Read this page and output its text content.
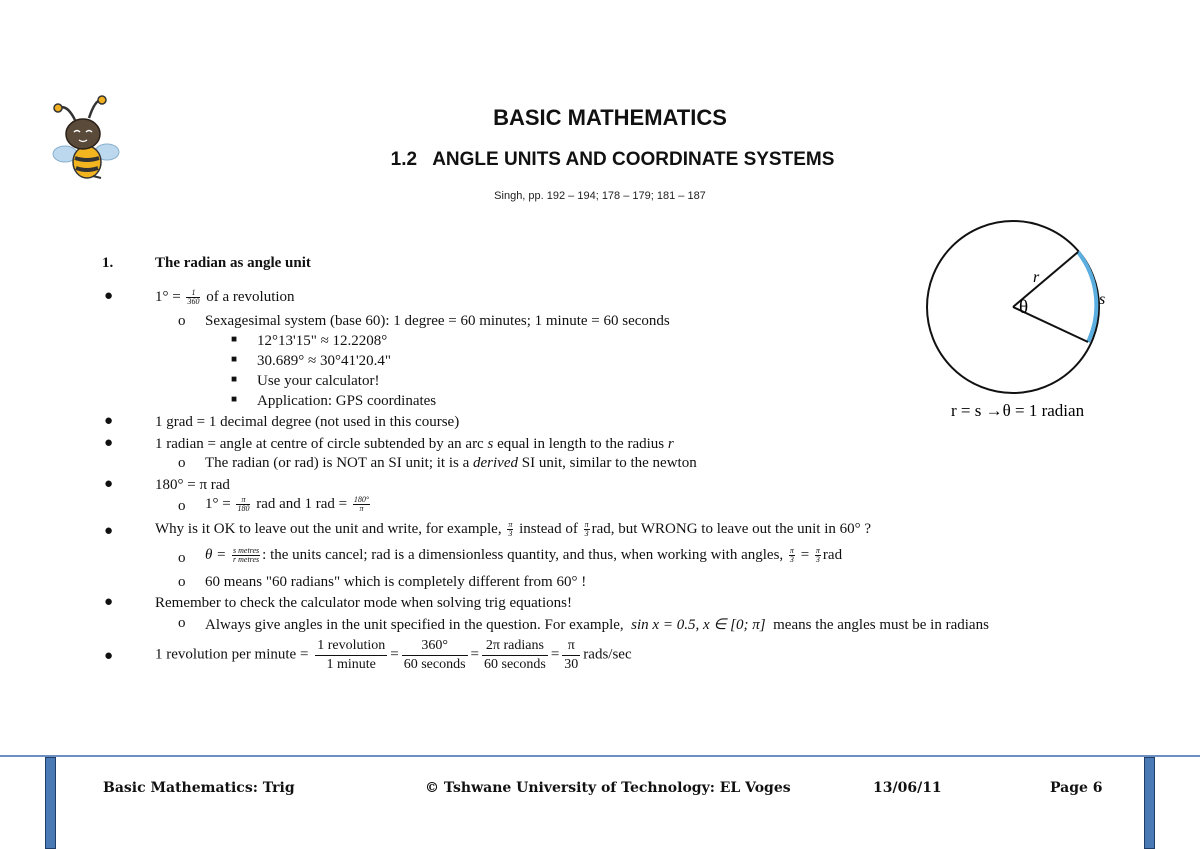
BASIC MATHEMATICS
1.2 ANGLE UNITS AND COORDINATE SYSTEMS
Singh, pp. 192 – 194; 178 – 179; 181 – 187
1.	The radian as angle unit
●	$1^\circ = \frac{1}{360}$ of a revolution
o Sexagesimal system (base 60): 1 degree = 60 minutes; 1 minute = 60 seconds
■ 12°13'15" ≈ 12.2208°
■ 30.689° ≈ 30°41'20.4"
■ Use your calculator!
■ Application: GPS coordinates
●	1 grad = 1 decimal degree (not used in this course)
●	1 radian = angle at centre of circle subtended by an arc s equal in length to the radius r
o The radian (or rad) is NOT an SI unit; it is a derived SI unit, similar to the newton
●	180° = π rad
o $1^\circ = \frac{\pi}{180}$ rad and 1 rad = $\frac{180^\circ}{\pi}$
●	Why is it OK to leave out the unit and write, for example, $\frac{\pi}{3}$ instead of $\frac{\pi}{3}$ rad, but WRONG to leave out the unit in 60° ?
o $\theta = \frac{\text{s metres}}{\text{r metres}}$ : the units cancel; rad is a dimensionless quantity, and thus, when working with angles, $\frac{\pi}{3} = \frac{\pi}{3}$ rad
o 60 means "60 radians" which is completely different from 60° !
●	Remember to check the calculator mode when solving trig equations!
o Always give angles in the unit specified in the question. For example, sin x = 0.5, x ∈ [0; π] means the angles must be in radians
●	1 revolution per minute =
1 revolution
1 minute
=
360°
60 seconds
=
2π radians
60 seconds
= $\frac{\pi}{30}$ rads/sec
r
θ	s
r = s →θ = 1 radian
Basic Mathematics: Trig	© Tshwane University of Technology: EL Voges	13/06/11	Page 6
